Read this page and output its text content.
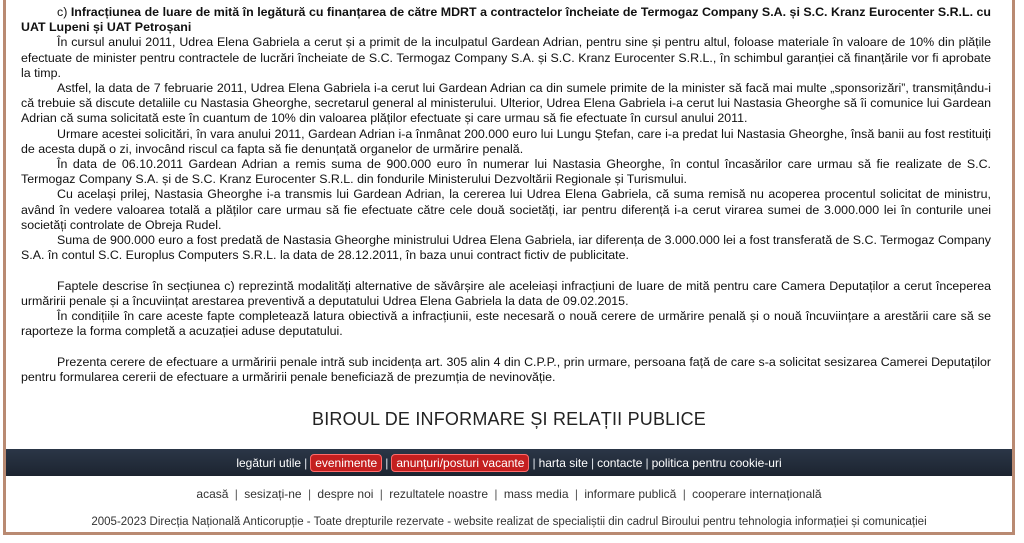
c) Infracțiunea de luare de mită în legătură cu finanțarea de către MDRT a contractelor încheiate de Termogaz Company S.A. și S.C. Kranz Eurocenter S.R.L. cu UAT Lupeni și UAT Petroșani

În cursul anului 2011, Udrea Elena Gabriela a cerut și a primit de la inculpatul Gardean Adrian, pentru sine și pentru altul, foloase materiale în valoare de 10% din plățile efectuate de minister pentru contractele de lucrări încheiate de S.C. Termogaz Company S.A. și S.C. Kranz Eurocenter S.R.L., în schimbul garanției că finanțările vor fi aprobate la timp.

Astfel, la data de 7 februarie 2011, Udrea Elena Gabriela i-a cerut lui Gardean Adrian ca din sumele primite de la minister să facă mai multe „sponsorizări”, transmițându-i că trebuie să discute detaliile cu Nastasia Gheorghe, secretarul general al ministerului. Ulterior, Udrea Elena Gabriela i-a cerut lui Nastasia Gheorghe să îi comunice lui Gardean Adrian că suma solicitată este în cuantum de 10% din valoarea plăților efectuate și care urmau să fie efectuate în cursul anului 2011.

Urmare acestei solicitări, în vara anului 2011, Gardean Adrian i-a înmânat 200.000 euro lui Lungu Ștefan, care i-a predat lui Nastasia Gheorghe, însă banii au fost restituiți de acesta după o zi, invocând riscul ca fapta să fie denunțată organelor de urmărire penală.

În data de 06.10.2011 Gardean Adrian a remis suma de 900.000 euro în numerar lui Nastasia Gheorghe, în contul încasărilor care urmau să fie realizate de S.C. Termogaz Company S.A. și de S.C. Kranz Eurocenter S.R.L. din fondurile Ministerului Dezvoltării Regionale și Turismului.

Cu același prilej, Nastasia Gheorghe i-a transmis lui Gardean Adrian, la cererea lui Udrea Elena Gabriela, că suma remisă nu acoperea procentul solicitat de ministru, având în vedere valoarea totală a plăților care urmau să fie efectuate către cele două societăți, iar pentru diferență i-a cerut virarea sumei de 3.000.000 lei în conturile unei societăți controlate de Obreja Rudel.

Suma de 900.000 euro a fost predată de Nastasia Gheorghe ministrului Udrea Elena Gabriela, iar diferența de 3.000.000 lei a fost transferată de S.C. Termogaz Company S.A. în contul S.C. Europlus Computers S.R.L. la data de 28.12.2011, în baza unui contract fictiv de publicitate.

Faptele descrise în secțiunea c) reprezintă modalități alternative de săvârșire ale aceleiași infracțiuni de luare de mită pentru care Camera Deputaților a cerut începerea urmăririi penale și a încuviințat arestarea preventivă a deputatului Udrea Elena Gabriela la data de 09.02.2015.

În condițiile în care aceste fapte completează latura obiectivă a infracțiunii, este necesară o nouă cerere de urmărire penală și o nouă încuviințare a arestării care să se raporteze la forma completă a acuzației aduse deputatului.

Prezenta cerere de efectuare a urmăririi penale intră sub incidența art. 305 alin 4 din C.P.P., prin urmare, persoana față de care s-a solicitat sesizarea Camerei Deputaților pentru formularea cererii de efectuare a urmăririi penale beneficiază de prezumția de nevinovăție.

BIROUL DE INFORMARE ȘI RELAȚII PUBLICE
legături utile | evenimente | anunțuri/posturi vacante | harta site | contacte | politica pentru cookie-uri
acasă | sesizați-ne | despre noi | rezultatele noastre | mass media | informare publică | cooperare internațională
2005-2023 Direcția Națională Anticorupție - Toate drepturile rezervate - website realizat de specialiștii din cadrul Biroului pentru tehnologia informației și comunicației
